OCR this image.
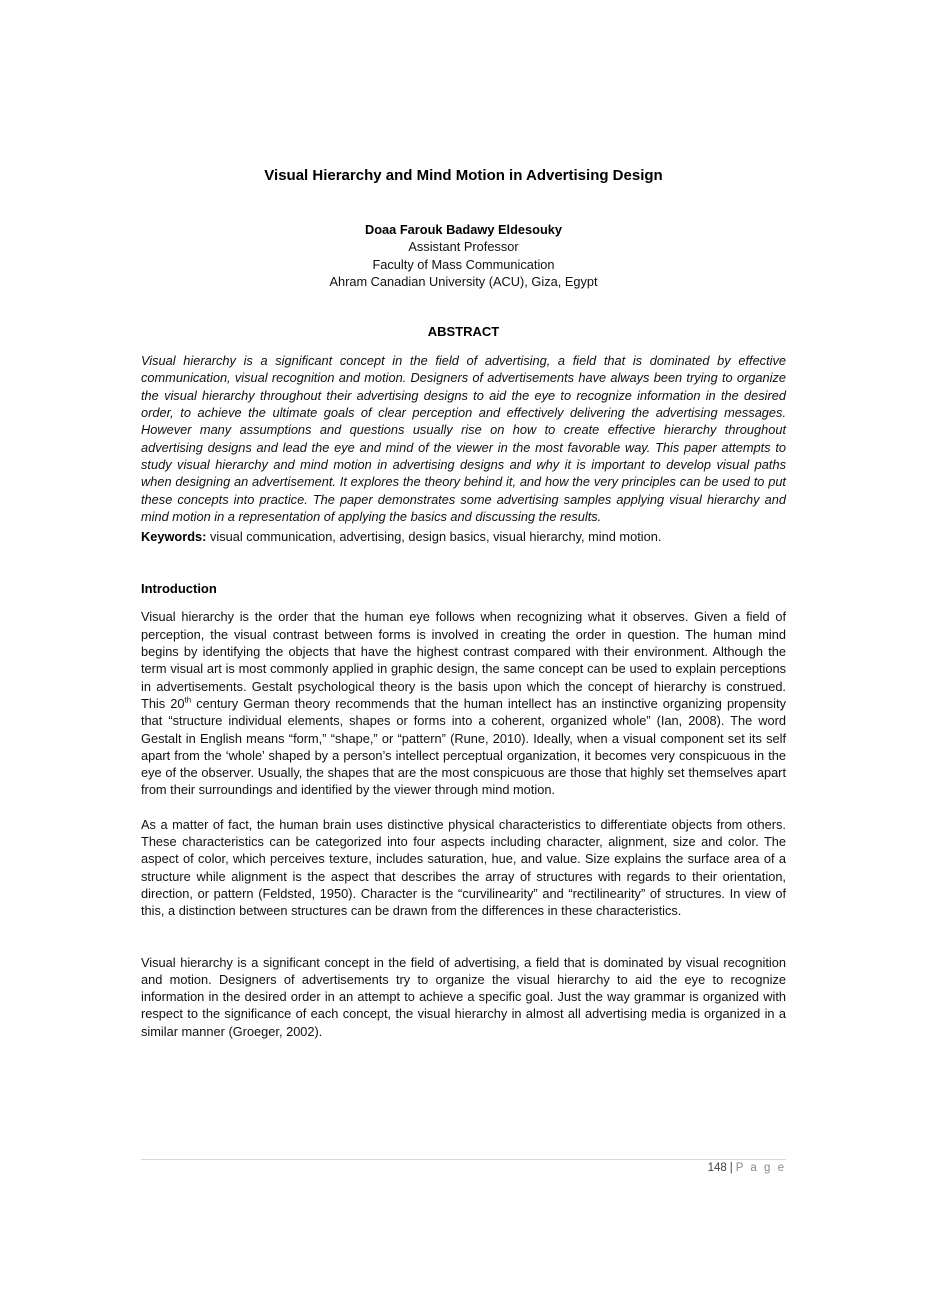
Visual Hierarchy and Mind Motion in Advertising Design
Doaa Farouk Badawy Eldesouky
Assistant Professor
Faculty of Mass Communication
Ahram Canadian University (ACU), Giza, Egypt
ABSTRACT

Visual hierarchy is a significant concept in the field of advertising, a field that is dominated by effective communication, visual recognition and motion. Designers of advertisements have always been trying to organize the visual hierarchy throughout their advertising designs to aid the eye to recognize information in the desired order, to achieve the ultimate goals of clear perception and effectively delivering the advertising messages. However many assumptions and questions usually rise on how to create effective hierarchy throughout advertising designs and lead the eye and mind of the viewer in the most favorable way. This paper attempts to study visual hierarchy and mind motion in advertising designs and why it is important to develop visual paths when designing an advertisement. It explores the theory behind it, and how the very principles can be used to put these concepts into practice. The paper demonstrates some advertising samples applying visual hierarchy and mind motion in a representation of applying the basics and discussing the results.

Keywords: visual communication, advertising, design basics, visual hierarchy, mind motion.

Introduction

Visual hierarchy is the order that the human eye follows when recognizing what it observes. Given a field of perception, the visual contrast between forms is involved in creating the order in question. The human mind begins by identifying the objects that have the highest contrast compared with their environment. Although the term visual art is most commonly applied in graphic design, the same concept can be used to explain perceptions in advertisements. Gestalt psychological theory is the basis upon which the concept of hierarchy is construed. This 20th century German theory recommends that the human intellect has an instinctive organizing propensity that “structure individual elements, shapes or forms into a coherent, organized whole” (Ian, 2008). The word Gestalt in English means “form,” “shape,” or “pattern” (Rune, 2010). Ideally, when a visual component set its self apart from the ‘whole’ shaped by a person’s intellect perceptual organization, it becomes very conspicuous in the eye of the observer. Usually, the shapes that are the most conspicuous are those that highly set themselves apart from their surroundings and identified by the viewer through mind motion.

As a matter of fact, the human brain uses distinctive physical characteristics to differentiate objects from others. These characteristics can be categorized into four aspects including character, alignment, size and color. The aspect of color, which perceives texture, includes saturation, hue, and value. Size explains the surface area of a structure while alignment is the aspect that describes the array of structures with regards to their orientation, direction, or pattern (Feldsted, 1950). Character is the “curvilinearity” and “rectilinearity” of structures. In view of this, a distinction between structures can be drawn from the differences in these characteristics.

Visual hierarchy is a significant concept in the field of advertising, a field that is dominated by visual recognition and motion. Designers of advertisements try to organize the visual hierarchy to aid the eye to recognize information in the desired order in an attempt to achieve a specific goal. Just the way grammar is organized with respect to the significance of each concept, the visual hierarchy in almost all advertising media is organized in a similar manner (Groeger, 2002).

148 | P a g e
